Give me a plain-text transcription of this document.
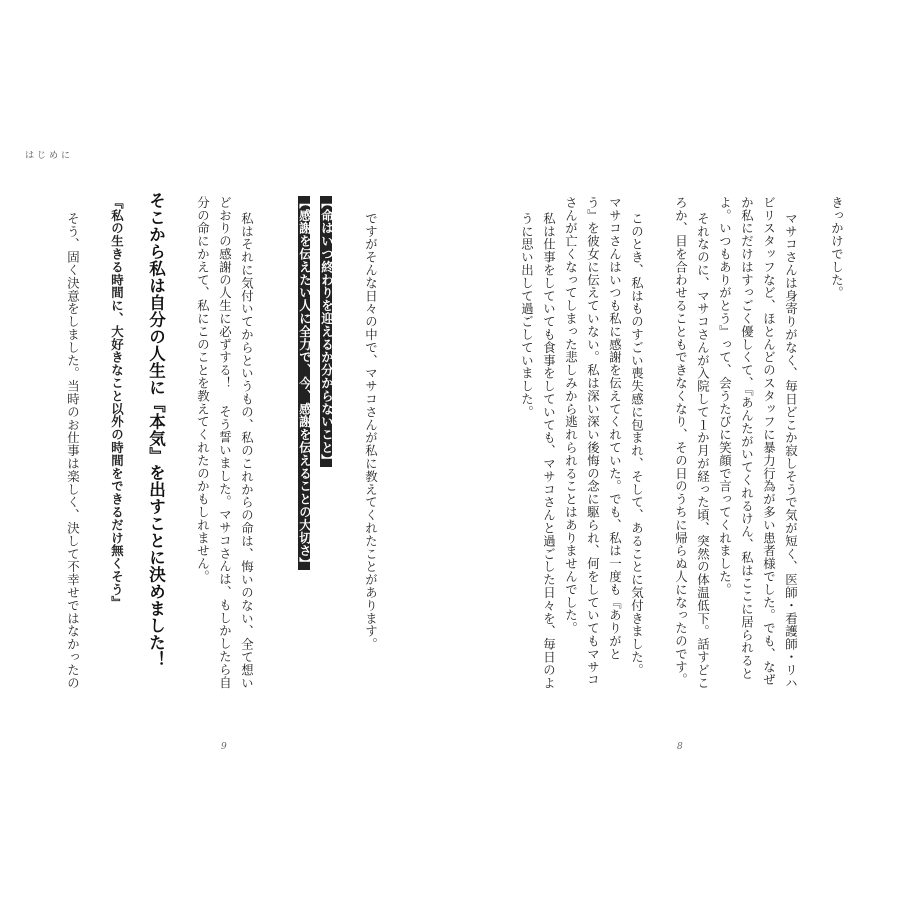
はじめに
そう、固く決意をしました。当時のお仕事は楽しく、決して不幸せではなかったの 『私の生きる時間に、大好きなこと以外の時間をできるだけ無くそう』 そこから私は自分の人生に『本気』を出すことに決めました！ 分の命にかえて、私にこのことを教えてくれたのかもしれません。 どおりの感謝の人生に必ずする！ そう誓いました。マサコさんは、もしかしたら自 私はそれに気付いてからというもの、私のこれからの命は、悔いのない、全て想い	【感謝を伝えたい人に全力で、今、感謝を伝えることの大切さ】 【命はいつ終わりを迎えるか分からないこと】 ですがそんな日々の中で、マサコさんが私に教えてくれたことがあります。
9
うに思い出して過ごしていました。 私は仕事をしていても食事をしていても、マサコさんと過ごした日々を、毎日のよ さんが亡くなってしまった悲しみから逃れられることはありませんでした。 う』を彼女に伝えていない。私は深い深い後悔の念に駆られ、何をしていてもマサコ マサコさんはいつも私に感謝を伝えてくれていた。でも、私は一度も『ありがと このとき、私はものすごい喪失感に包まれ、そして、あることに気付きました。 ろか、目を合わせることもできなくなり、その日のうちに帰らぬ人になったのです。 それなのに、マサコさんが入院して１か月が経った頃、突然の体温低下。話すどこ よ。いつもありがとう』って、会うたびに笑顔で言ってくれました。 か私にだけはすっごく優しくて、『あんたがいてくれるけん、私はここに居られると ビリスタッフなど、ほとんどのスタッフに暴力行為が多い患者様でした。でも、なぜ マサコさんは身寄りがなく、毎日どこか寂しそうで気が短く、医師・看護師・リハ	きっかけでした。
8
